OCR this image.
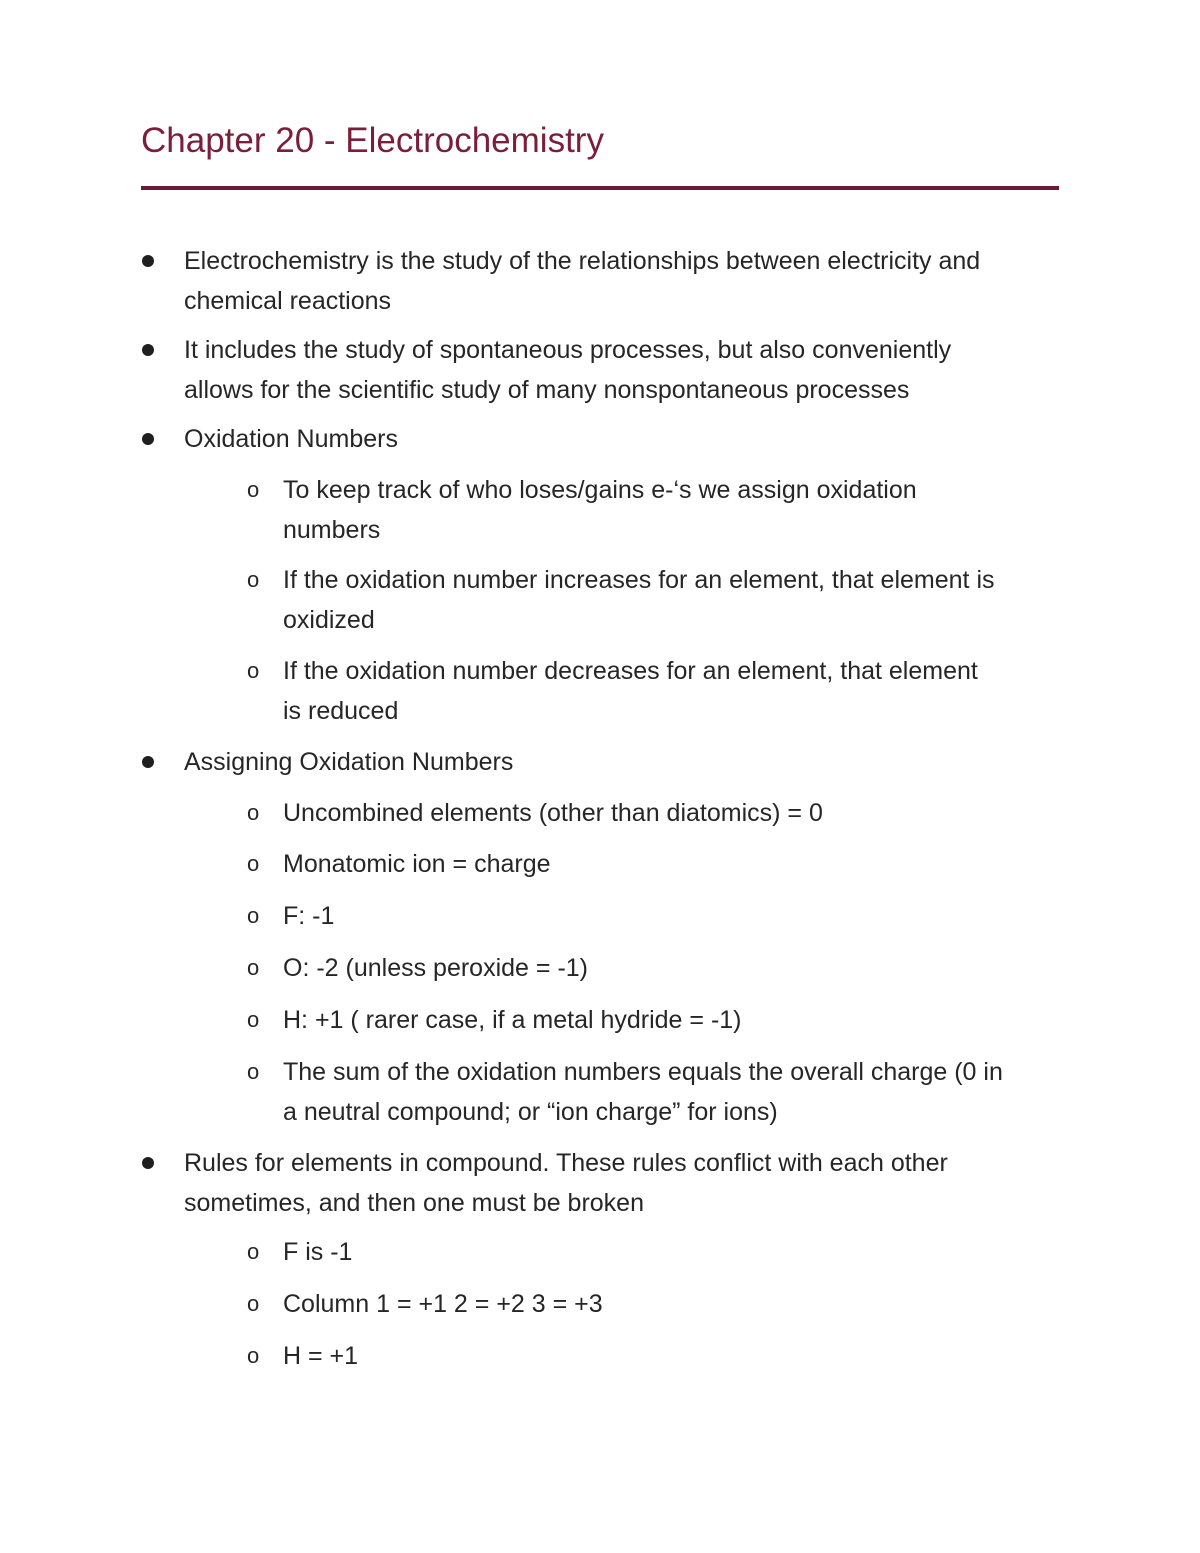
Chapter 20 - Electrochemistry
Electrochemistry is the study of the relationships between electricity and
chemical reactions
It includes the study of spontaneous processes, but also conveniently
allows for the scientific study of many nonspontaneous processes
Oxidation Numbers
o To keep track of who loses/gains e-‘s we assign oxidation
numbers
o If the oxidation number increases for an element, that element is
oxidized
o If the oxidation number decreases for an element, that element
is reduced
Assigning Oxidation Numbers
o Uncombined elements (other than diatomics) = 0
o Monatomic ion = charge
o F: -1
o O: -2 (unless peroxide = -1)
o H: +1 ( rarer case, if a metal hydride = -1)
o The sum of the oxidation numbers equals the overall charge (0 in
a neutral compound; or “ion charge” for ions)
Rules for elements in compound. These rules conflict with each other
sometimes, and then one must be broken
o F is -1
o Column 1 = +1 2 = +2 3 = +3
o H = +1
